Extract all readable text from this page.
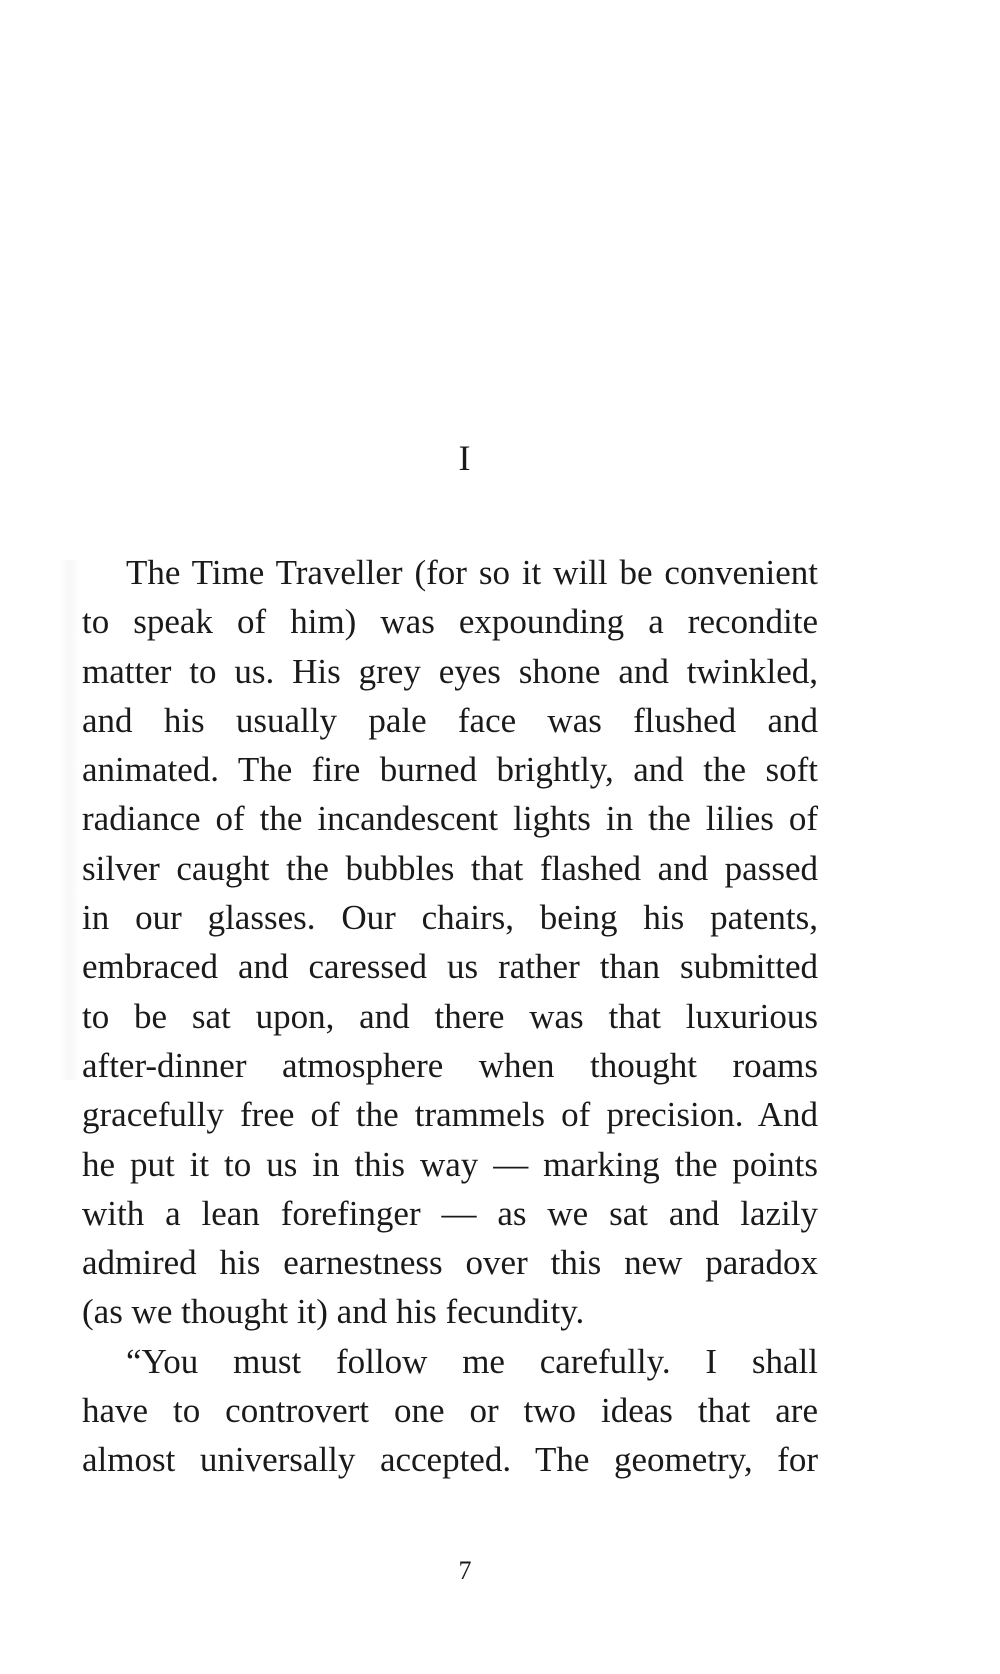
I
The Time Traveller (for so it will be convenient
to speak of him) was expounding a recondite
matter to us. His grey eyes shone and twinkled,
and his usually pale face was flushed and
animated. The fire burned brightly, and the soft
radiance of the incandescent lights in the lilies of
silver caught the bubbles that flashed and passed
in our glasses. Our chairs, being his patents,
embraced and caressed us rather than submitted
to be sat upon, and there was that luxurious
after-dinner atmosphere when thought roams
gracefully free of the trammels of precision. And
he put it to us in this way — marking the points
with a lean forefinger — as we sat and lazily
admired his earnestness over this new paradox
(as we thought it) and his fecundity.
“You must follow me carefully. I shall
have to controvert one or two ideas that are
almost universally accepted. The geometry, for
7
